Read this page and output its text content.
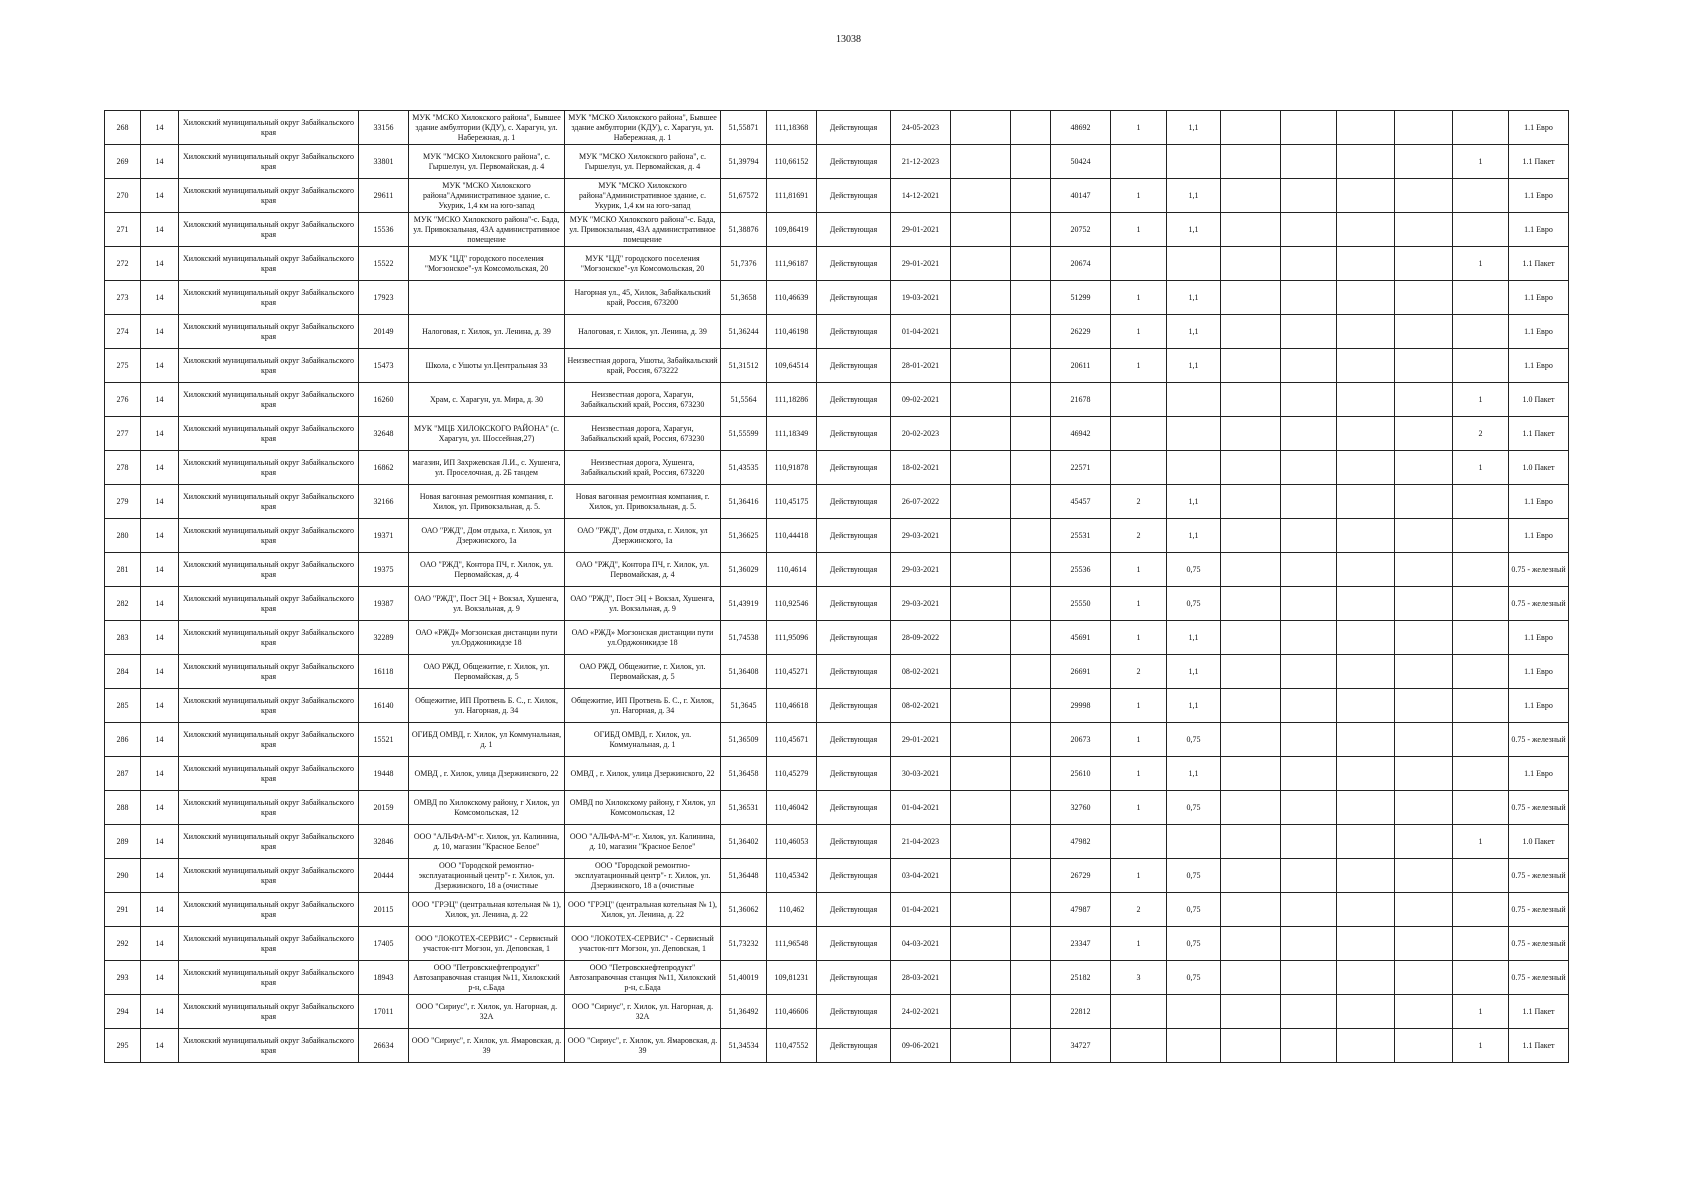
13038
268	14	Хилокский муниципальный округ Забайкальского края	33156	МУК "МСКО Хилокского района", Бывшее здание амбултории (КДУ), с. Харагун, ул. Набережная, д. 1	МУК "МСКО Хилокского района", Бывшее здание амбултории (КДУ), с. Харагун, ул. Набережная, д. 1	51,55871	111,18368	Действующая	24-05-2023			48692	1	1,1						1.1 Евро
269	14	Хилокский муниципальный округ Забайкальского края	33801	МУК "МСКО Хилокского района", с. Гыршелун, ул. Первомайская, д. 4	МУК "МСКО Хилокского района", с. Гыршелун, ул. Первомайская, д. 4	51,39794	110,66152	Действующая	21-12-2023			50424							1	1.1 Пакет
270	14	Хилокский муниципальный округ Забайкальского края	29611	МУК "МСКО Хилокского района"Административное здание, с. Укурик, 1,4 км на юго-запад	МУК "МСКО Хилокского района"Административное здание, с. Укурик, 1,4 км на юго-запад	51,67572	111,81691	Действующая	14-12-2021			40147	1	1,1						1.1 Евро
271	14	Хилокский муниципальный округ Забайкальского края	15536	МУК "МСКО Хилокского района"-с. Бада, ул. Привокзальная, 43А административное помещение	МУК "МСКО Хилокского района"-с. Бада, ул. Привокзальная, 43А административное помещение	51,38876	109,86419	Действующая	29-01-2021			20752	1	1,1						1.1 Евро
272	14	Хилокский муниципальный округ Забайкальского края	15522	МУК "ЦД" городского поселения "Могзонское"-ул Комсомольская, 20	МУК "ЦД" городского поселения "Могзонское"-ул Комсомольская, 20	51,7376	111,96187	Действующая	29-01-2021			20674							1	1.1 Пакет
273	14	Хилокский муниципальный округ Забайкальского края	17923		Нагорная ул., 45, Хилок, Забайкальский край, Россия, 673200	51,3658	110,46639	Действующая	19-03-2021			51299	1	1,1						1.1 Евро
274	14	Хилокский муниципальный округ Забайкальского края	20149	Налоговая, г. Хилок, ул. Ленина, д. 39	Налоговая, г. Хилок, ул. Ленина, д. 39	51,36244	110,46198	Действующая	01-04-2021			26229	1	1,1						1.1 Евро
275	14	Хилокский муниципальный округ Забайкальского края	15473	Школа, с Ушоты ул.Центральная 33	Неизвестная дорога, Ушоты, Забайкальский край, Россия, 673222	51,31512	109,64514	Действующая	28-01-2021			20611	1	1,1						1.1 Евро
276	14	Хилокский муниципальный округ Забайкальского края	16260	Храм, с. Харагун, ул. Мира, д. 30	Неизвестная дорога, Харагун, Забайкальский край, Россия, 673230	51,5564	111,18286	Действующая	09-02-2021			21678							1	1.0 Пакет
277	14	Хилокский муниципальный округ Забайкальского края	32648	МУК "МЦБ ХИЛОКСКОГО РАЙОНА" (с. Харагун, ул. Шоссейная,27)	Неизвестная дорога, Харагун, Забайкальский край, Россия, 673230	51,55599	111,18349	Действующая	20-02-2023			46942							2	1.1 Пакет
278	14	Хилокский муниципальный округ Забайкальского края	16862	магазин, ИП Захржевская Л.И., с. Хушенга, ул. Проселочная, д. 2Б тандем	Неизвестная дорога, Хушенга, Забайкальский край, Россия, 673220	51,43535	110,91878	Действующая	18-02-2021			22571							1	1.0 Пакет
279	14	Хилокский муниципальный округ Забайкальского края	32166	Новая вагонная ремонтная компания, г. Хилок, ул. Привокзальная, д. 5.	Новая вагонная ремонтная компания, г. Хилок, ул. Привокзальная, д. 5.	51,36416	110,45175	Действующая	26-07-2022			45457	2	1,1						1.1 Евро
280	14	Хилокский муниципальный округ Забайкальского края	19371	ОАО "РЖД", Дом отдыха, г. Хилок, ул Дзержинского, 1а	ОАО "РЖД", Дом отдыха, г. Хилок, ул Дзержинского, 1а	51,36625	110,44418	Действующая	29-03-2021			25531	2	1,1						1.1 Евро
281	14	Хилокский муниципальный округ Забайкальского края	19375	ОАО "РЖД", Контора ПЧ, г. Хилок, ул. Первомайская, д. 4	ОАО "РЖД", Контора ПЧ, г. Хилок, ул. Первомайская, д. 4	51,36029	110,4614	Действующая	29-03-2021			25536	1	0,75						0.75 - железный
282	14	Хилокский муниципальный округ Забайкальского края	19387	ОАО "РЖД", Пост ЭЦ + Вокзал, Хушенга, ул. Вокзальная, д. 9	ОАО "РЖД", Пост ЭЦ + Вокзал, Хушенга, ул. Вокзальная, д. 9	51,43919	110,92546	Действующая	29-03-2021			25550	1	0,75						0.75 - железный
283	14	Хилокский муниципальный округ Забайкальского края	32289	ОАО «РЖД» Могзонская дистанции пути ул.Орджоникидзе 18	ОАО «РЖД» Могзонская дистанции пути ул.Орджоникидзе 18	51,74538	111,95096	Действующая	28-09-2022			45691	1	1,1						1.1 Евро
284	14	Хилокский муниципальный округ Забайкальского края	16118	ОАО РЖД, Общежитие, г. Хилок, ул. Первомайская, д. 5	ОАО РЖД, Общежитие, г. Хилок, ул. Первомайская, д. 5	51,36408	110,45271	Действующая	08-02-2021			26691	2	1,1						1.1 Евро
285	14	Хилокский муниципальный округ Забайкальского края	16140	Общежитие, ИП Протвень Б. С., г. Хилок, ул. Нагорная, д. 34	Общежитие, ИП Протвень Б. С., г. Хилок, ул. Нагорная, д. 34	51,3645	110,46618	Действующая	08-02-2021			29998	1	1,1						1.1 Евро
286	14	Хилокский муниципальный округ Забайкальского края	15521	ОГИБД ОМВД, г. Хилок, ул Коммунальная, д. 1	ОГИБД ОМВД, г. Хилок, ул. Коммунальная, д. 1	51,36509	110,45671	Действующая	29-01-2021			20673	1	0,75						0.75 - железный
287	14	Хилокский муниципальный округ Забайкальского края	19448	ОМВД , г. Хилок, улица Дзержинского, 22	ОМВД , г. Хилок, улица Дзержинского, 22	51,36458	110,45279	Действующая	30-03-2021			25610	1	1,1						1.1 Евро
288	14	Хилокский муниципальный округ Забайкальского края	20159	ОМВД по Хилокскому району, г Хилок, ул Комсомольская, 12	ОМВД по Хилокскому району, г Хилок, ул Комсомольская, 12	51,36531	110,46042	Действующая	01-04-2021			32760	1	0,75						0.75 - железный
289	14	Хилокский муниципальный округ Забайкальского края	32846	ООО "АЛЬФА-М"-г. Хилок, ул. Калинина, д. 10, магазин "Красное Белое"	ООО "АЛЬФА-М"-г. Хилок, ул. Калинина, д. 10, магазин "Красное Белое"	51,36402	110,46053	Действующая	21-04-2023			47982							1	1.0 Пакет
290	14	Хилокский муниципальный округ Забайкальского края	20444	ООО "Городской ремонтно-эксплуатационный центр"- г. Хилок, ул. Дзержинского, 18 а (очистные	ООО "Городской ремонтно-эксплуатационный центр"- г. Хилок, ул. Дзержинского, 18 а (очистные	51,36448	110,45342	Действующая	03-04-2021			26729	1	0,75						0.75 - железный
291	14	Хилокский муниципальный округ Забайкальского края	20115	ООО "ГРЭЦ" (центральная котельная № 1), Хилок, ул. Ленина, д. 22	ООО "ГРЭЦ" (центральная котельная № 1), Хилок, ул. Ленина, д. 22	51,36062	110,462	Действующая	01-04-2021			47987	2	0,75						0.75 - железный
292	14	Хилокский муниципальный округ Забайкальского края	17405	ООО "ЛОКОТЕХ-СЕРВИС" - Сервисный участок-пгт Могзон, ул. Деповская, 1	ООО "ЛОКОТЕХ-СЕРВИС" - Сервисный участок-пгт Могзон, ул. Деповская, 1	51,73232	111,96548	Действующая	04-03-2021			23347	1	0,75						0.75 - железный
293	14	Хилокский муниципальный округ Забайкальского края	18943	ООО "Петровскнефтепродукт" Автозаправочная станция №11, Хилокский р-н, с.Бада	ООО "Петровскнефтепродукт" Автозаправочная станция №11, Хилокский р-н, с.Бада	51,40019	109,81231	Действующая	28-03-2021			25182	3	0,75						0.75 - железный
294	14	Хилокский муниципальный округ Забайкальского края	17011	ООО "Сириус", г. Хилок, ул. Нагорная, д. 32А	ООО "Сириус", г. Хилок, ул. Нагорная, д. 32А	51,36492	110,46606	Действующая	24-02-2021			22812							1	1.1 Пакет
295	14	Хилокский муниципальный округ Забайкальского края	26634	ООО "Сириус", г. Хилок, ул. Ямаровская, д. 39	ООО "Сириус", г. Хилок, ул. Ямаровская, д. 39	51,34534	110,47552	Действующая	09-06-2021			34727							1	1.1 Пакет
